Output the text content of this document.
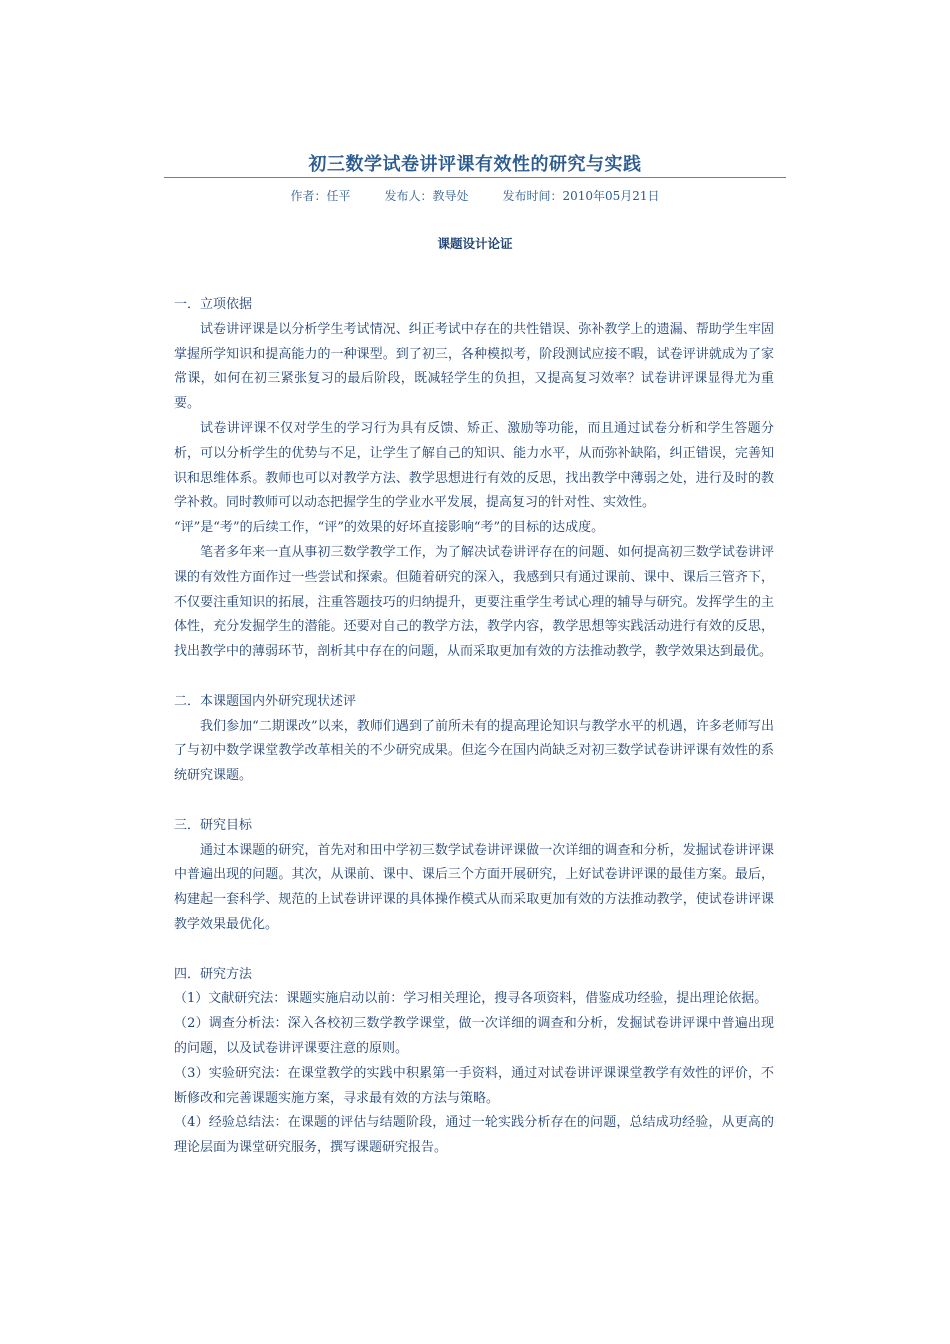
初三数学试卷讲评课有效性的研究与实践
作者：任平	发布人：教导处	发布时间：2010年05月21日
课题设计论证

一．立项依据

试卷讲评课是以分析学生考试情况、纠正考试中存在的共性错误、弥补教学上的遗漏、帮助学生牢固掌握所学知识和提高能力的一种课型。到了初三，各种模拟考，阶段测试应接不暇，试卷评讲就成为了家常课，如何在初三紧张复习的最后阶段，既减轻学生的负担，又提高复习效率？试卷讲评课显得尤为重要。

试卷讲评课不仅对学生的学习行为具有反馈、矫正、激励等功能，而且通过试卷分析和学生答题分析，可以分析学生的优势与不足，让学生了解自己的知识、能力水平，从而弥补缺陷，纠正错误，完善知识和思维体系。教师也可以对教学方法、教学思想进行有效的反思，找出教学中薄弱之处，进行及时的教学补救。同时教师可以动态把握学生的学业水平发展，提高复习的针对性、实效性。

“评”是“考”的后续工作，“评”的效果的好坏直接影响“考”的目标的达成度。

笔者多年来一直从事初三数学教学工作，为了解决试卷讲评存在的问题、如何提高初三数学试卷讲评课的有效性方面作过一些尝试和探索。但随着研究的深入，我感到只有通过课前、课中、课后三管齐下，不仅要注重知识的拓展，注重答题技巧的归纳提升，更要注重学生考试心理的辅导与研究。发挥学生的主体性，充分发掘学生的潜能。还要对自己的教学方法，教学内容，教学思想等实践活动进行有效的反思，找出教学中的薄弱环节，剖析其中存在的问题，从而采取更加有效的方法推动教学，教学效果达到最优。

二．本课题国内外研究现状述评

我们参加“二期课改”以来，教师们遇到了前所未有的提高理论知识与教学水平的机遇，许多老师写出了与初中数学课堂教学改革相关的不少研究成果。但迄今在国内尚缺乏对初三数学试卷讲评课有效性的系统研究课题。

三．研究目标

通过本课题的研究，首先对和田中学初三数学试卷讲评课做一次详细的调查和分析，发掘试卷讲评课中普遍出现的问题。其次，从课前、课中、课后三个方面开展研究，上好试卷讲评课的最佳方案。最后，构建起一套科学、规范的上试卷讲评课的具体操作模式从而采取更加有效的方法推动教学，使试卷讲评课教学效果最优化。

四．研究方法

（1）文献研究法：课题实施启动以前：学习相关理论，搜寻各项资料，借鉴成功经验，提出理论依据。

（2）调查分析法：深入各校初三数学教学课堂，做一次详细的调查和分析，发掘试卷讲评课中普遍出现的问题，以及试卷讲评课要注意的原则。

（3）实验研究法：在课堂教学的实践中积累第一手资料，通过对试卷讲评课课堂教学有效性的评价，不断修改和完善课题实施方案，寻求最有效的方法与策略。

（4）经验总结法：在课题的评估与结题阶段，通过一轮实践分析存在的问题，总结成功经验，从更高的理论层面为课堂研究服务，撰写课题研究报告。
